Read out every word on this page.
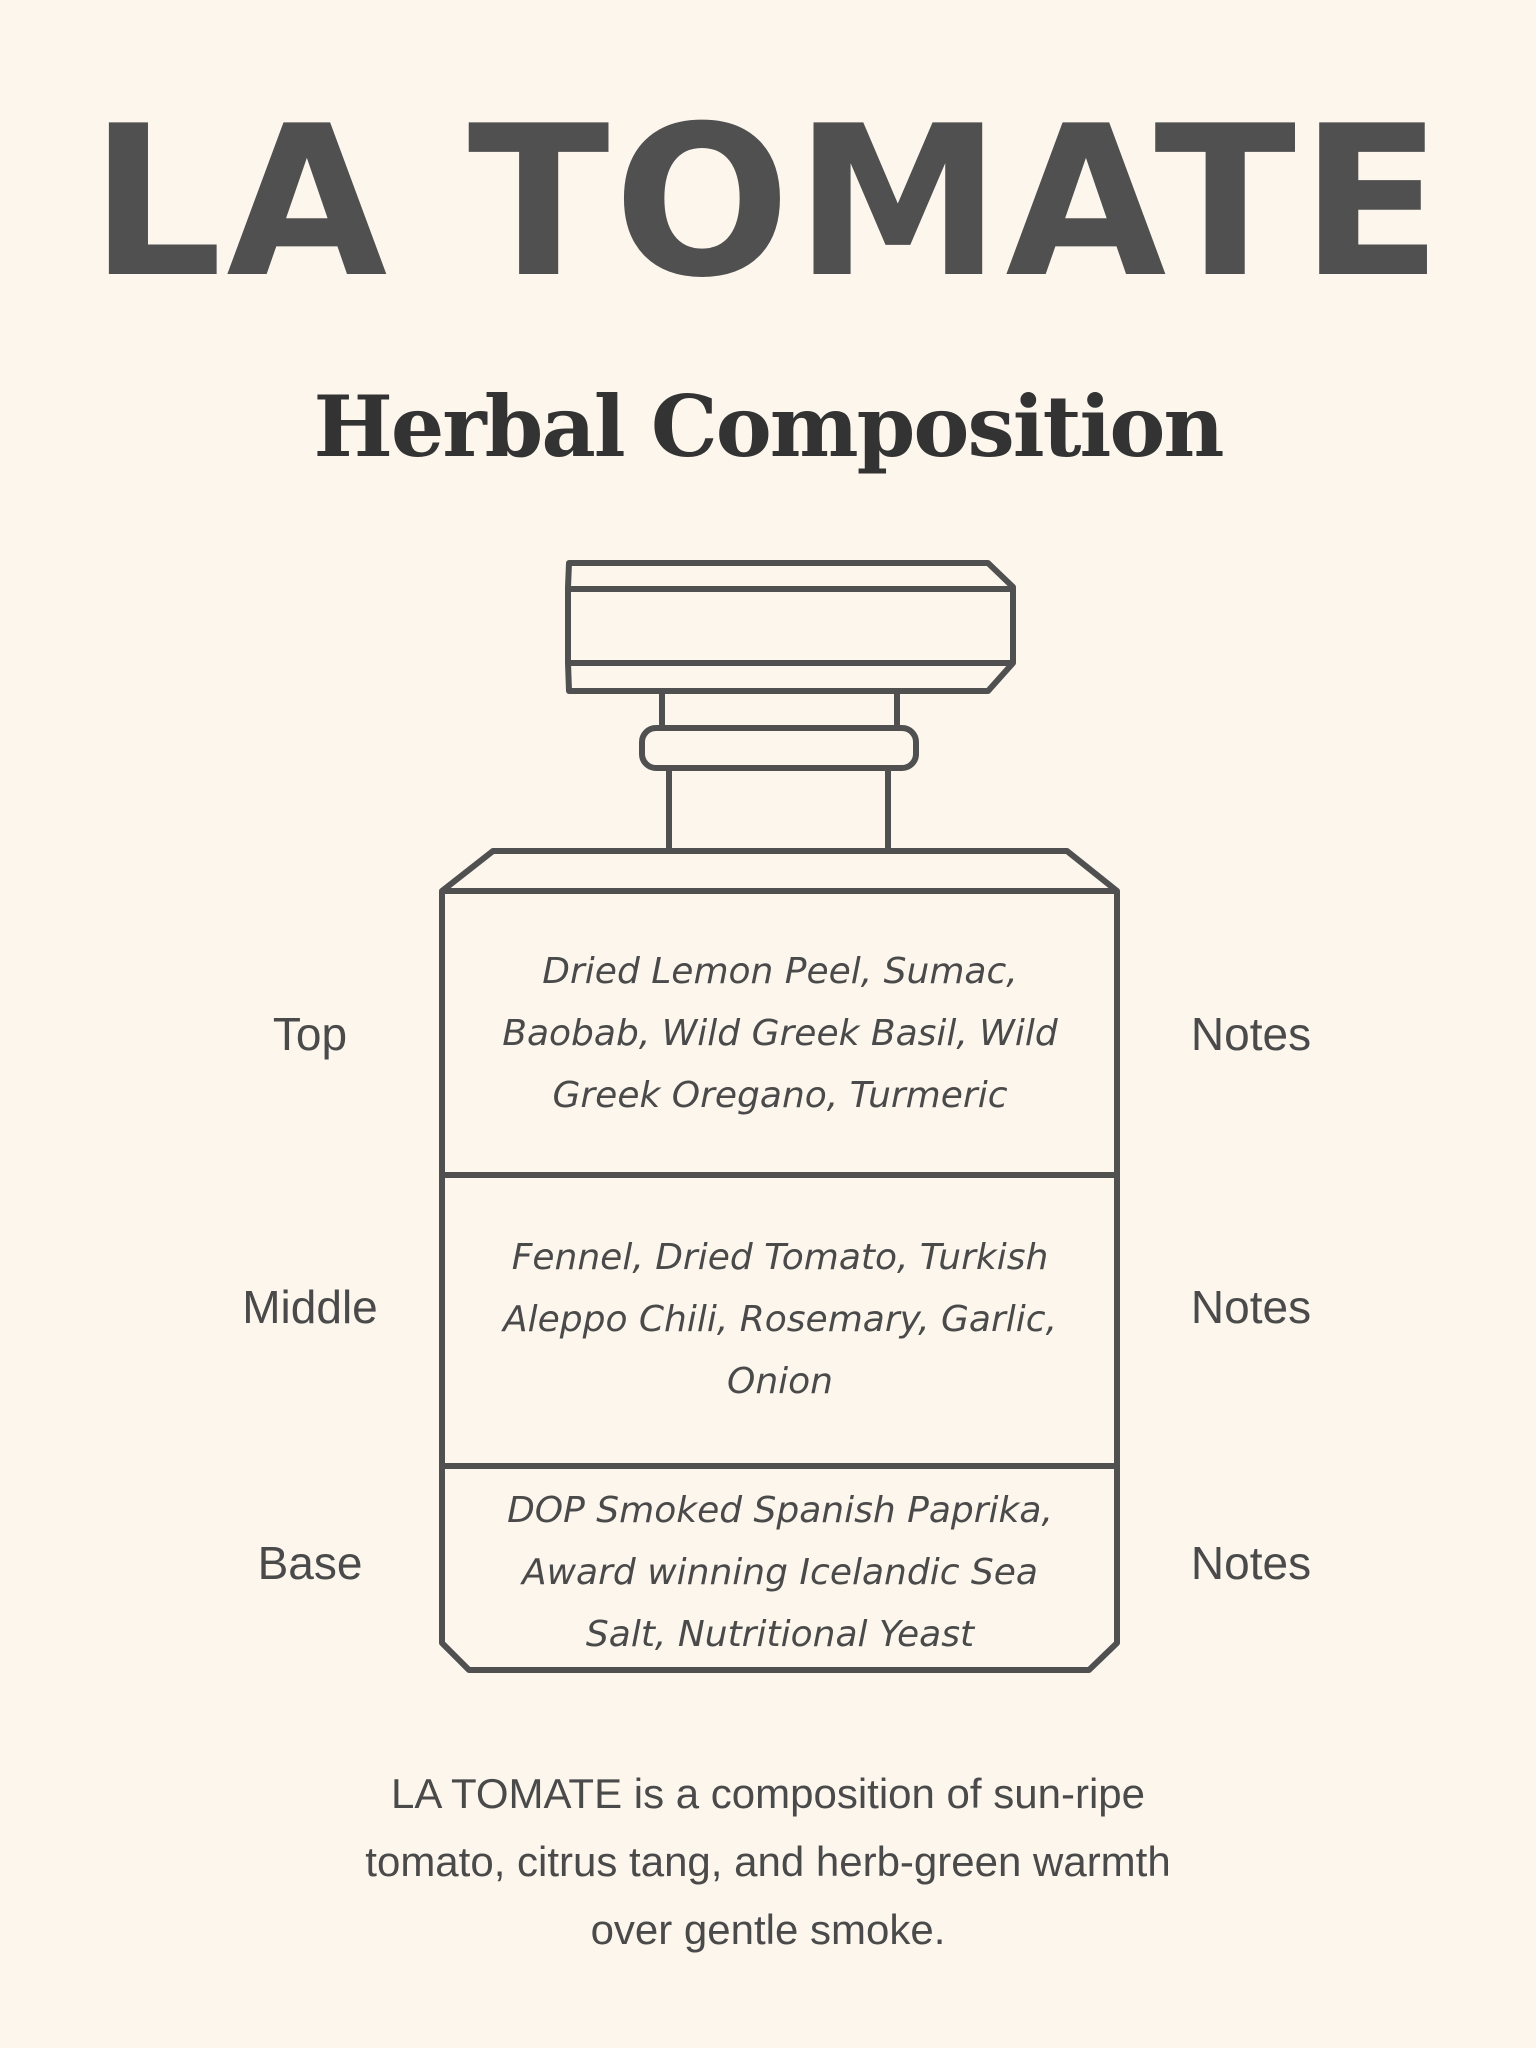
LA TOMATE
Herbal Composition
Top	Notes
Dried Lemon Peel, Sumac,
Baobab, Wild Greek Basil, Wild
Greek Oregano, Turmeric
Middle	Notes
Fennel, Dried Tomato, Turkish
Aleppo Chili, Rosemary, Garlic,
Onion
Base	Notes
DOP Smoked Spanish Paprika,
Award winning Icelandic Sea
Salt, Nutritional Yeast
LA TOMATE is a composition of sun-ripe
tomato, citrus tang, and herb-green warmth
over gentle smoke.
